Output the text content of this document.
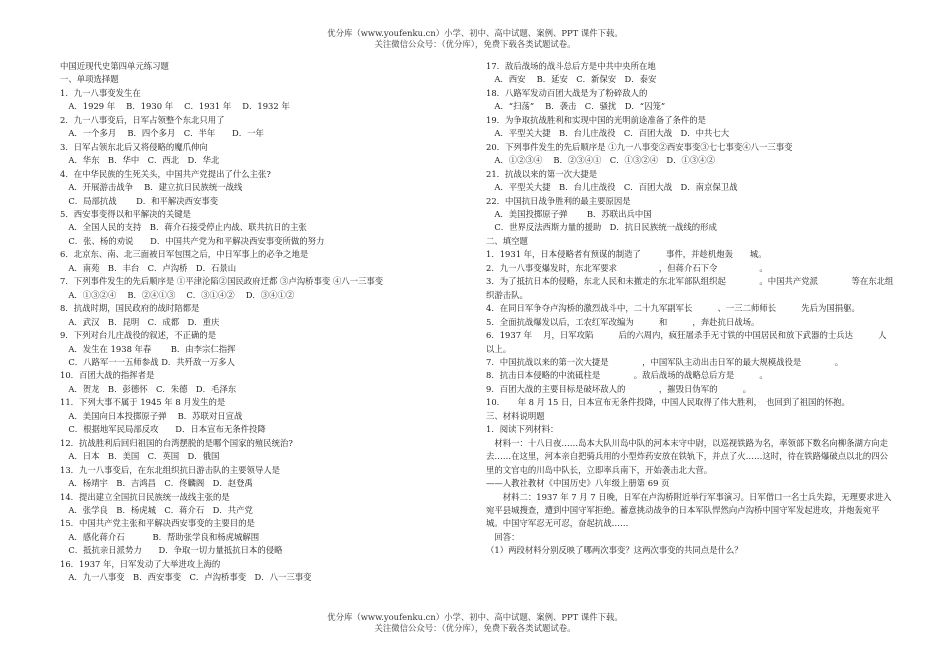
优分库（www.youfenku.cn）小学、初中、高中试题、案例、PPT 课件下载。
关注微信公众号：（优分库），免费下载各类试题试卷。
中国近现代史第四单元练习题
一、单项选择题
1．九一八事变发生在
　A．1929 年　 B．1930 年　 C．1931 年　 D．1932 年
2．九一八事变后，日军占领整个东北只用了
　A．一个多月　 B．四个多月　C．半年　　D．一年
3．日军占领东北后又将侵略的魔爪伸向
　A．华东　B．华中　C．西北　D．华北
4．在中华民族的生死关头，中国共产党提出了什么主张?
　A．开展游击战争　 B．建立抗日民族统一战线
　C．局部抗战　　 D．和平解决西安事变
5．西安事变得以和平解决的关键是
　A．全国人民的支持　B．蒋介石接受停止内战、联共抗日的主张
　C．张、杨的劝说　　D．中国共产党为和平解决西安事变所做的努力
6．北京东、南、北三面被日军包围之后，中日军事上的必争之地是
　A．南苑　B．丰台　C．卢沟桥　D．石景山
7．下列事件发生的先后顺序是 ①平津沦陷②国民政府迁都 ③卢沟桥事变 ④八一三事变
　A．①③②④　 B．②④①③　 C．③①④②　 D．③④①②
8．抗战时期，国民政府的战时陪都是
　A．武汉　B．昆明　C．成都　D．重庆
9．下列对台儿庄战役的叙述，不正确的是
　A．发生在 1938 年春　　 B．由李宗仁指挥
　C．八路军一一五师参战 D．共歼敌一万多人
10．百团大战的指挥者是
　A．贺龙　B．彭德怀　C．朱德　D．毛泽东
11．下列大事不属于 1945 年 8 月发生的是
　A．美国向日本投掷原子弹　 B．苏联对日宣战
　C．根据地军民局部反攻　　D．日本宣布无条件投降
12．抗战胜利后回归祖国的台湾摆脱的是哪个国家的殖民统治?
　A．日本　B．美国　C．英国　D．俄国
13．九一八事变后，在东北组织抗日游击队的主要领导人是
　A．杨靖宇　B．吉鸿昌　C．佟麟阁　D．赵登禹
14．提出建立全国抗日民族统一战线主张的是
　A．张学良　B．杨虎城　C．蒋介石　D．共产党
15．中国共产党主张和平解决西安事变的主要目的是
　A．感化蒋介石　　　 B．帮助张学良和杨虎城解围
　C．抵抗亲日派势力　　D．争取一切力量抵抗日本的侵略
16．1937 年，日军发动了大举进攻上海的
　A．九一八事变　B．西安事变　C．卢沟桥事变　D．八一三事变
17．敌后战场的战斗总后方是中共中央所在地
　A．西安　 B．延安　C．新保安　D．泰安
18．八路军发动百团大战是为了粉碎敌人的
　A．“扫荡”　 B．袭击　C．骚扰　D．“囚笼”
19．为争取抗战胜利和实现中国的光明前途准备了条件的是
　A．平型关大捷　B．台儿庄战役　C．百团大战　D．中共七大
20．下列事件发生的先后顺序是 ①九一八事变②西安事变③七七事变④八一三事变
　A．①②③④　 B．②③④①　C．①③②④　D．①③④②
21．抗战以来的第一次大捷是
　A．平型关大捷　B．台儿庄战役　C．百团大战　D．南京保卫战
22．中国抗日战争胜利的最主要原因是
　A．美国投掷原子弹　　 B．苏联出兵中国
　C．世界反法西斯力量的援助　D．抗日民族统一战线的形成
二、填空题
1．1931 年，日本侵略者有预谋的制造了　　　事件，并趁机炮轰　　城。
2．九一八事变爆发时，东北军要求　　　　　，但蒋介石下令　　　　　。
3．为了抵抗日本的侵略，东北人民和未撤走的东北军部队组织起　　　　。中国共产党派　　　　等在东北组织游击队。
4．在同日军争夺卢沟桥的激烈战斗中，二十九军副军长　　　、一三二师师长　　　先后为国捐躯。
5．全面抗战爆发以后，工农红军改编为　　　和　　　，奔赴抗日战场。
6．1937 年　 月，日军攻陷　　　后的六周内，疯狂屠杀手无寸铁的中国居民和放下武器的士兵达　　　人以上。
7．中国抗战以来的第一次大捷是　　　　，中国军队主动出击日军的最大规模战役是　　　　。
8．抗击日本侵略的中流砥柱是　　　　。敌后战场的战略总后方是　　　。
9．百团大战的主要目标是破坏敌人的　　　　，摧毁日伪军的　　　。
10．　　年 8 月 15 日，日本宣布无条件投降，中国人民取得了伟大胜利，　也回到了祖国的怀抱。
三、材料说明题
1．阅读下列材料：
　材料一：十八日夜……岛本大队川岛中队的河本末守中尉，以巡视铁路为名，率领部下数名向柳条湖方向走去……在这里，河本亲自把骑兵用的小型炸药安放在铁轨下，并点了火……这时，待在铁路爆破点以北的四公里的文官屯的川岛中队长，立即率兵南下，开始袭击北大营。
——人教社教材《中国历史》八年级上册第 69 页
　　材料二：1937 年 7 月 7 日晚，日军在卢沟桥附近举行军事演习。日军借口一名士兵失踪，无理要求进入宛平县城搜查，遭到中国守军拒绝。蓄意挑动战争的日本军队悍然向卢沟桥中国守军发起进攻，并炮轰宛平城。中国守军忍无可忍，奋起抗战……
　回答：
（1）两段材料分别反映了哪两次事变？这两次事变的共同点是什么？
优分库（www.youfenku.cn）小学、初中、高中试题、案例、PPT 课件下载。
关注微信公众号：（优分库），免费下载各类试题试卷。
